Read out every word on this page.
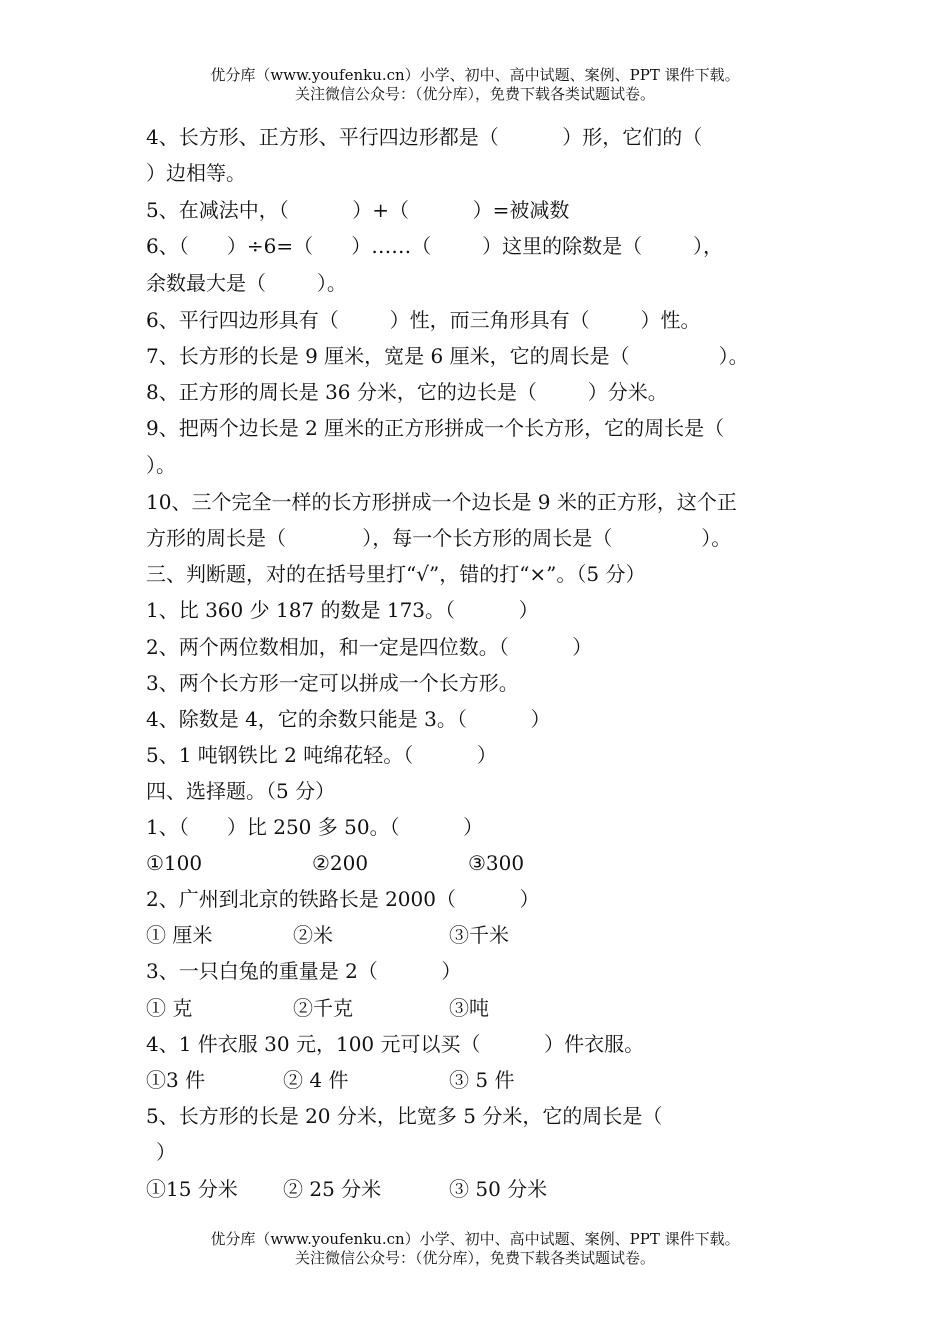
优分库（www.youfenku.cn）小学、初中、高中试题、案例、PPT 课件下载。
关注微信公众号：（优分库），免费下载各类试题试卷。
4、长方形、正方形、平行四边形都是（          ）形，它们的（
）边相等。
5、在减法中，（          ）+（          ）=被减数
6、（      ）÷6=（      ）……（        ）这里的除数是（        ），
余数最大是（        ）。
6、平行四边形具有（        ）性，而三角形具有（        ）性。
7、长方形的长是 9 厘米，宽是 6 厘米，它的周长是（              ）。
8、正方形的周长是 36 分米，它的边长是（        ）分米。
9、把两个边长是 2 厘米的正方形拼成一个长方形，它的周长是（
）。
10、三个完全一样的长方形拼成一个边长是 9 米的正方形，这个正
方形的周长是（            ），每一个长方形的周长是（              ）。
三、判断题，对的在括号里打“√”，错的打“×”。（5 分）
1、比 360 少 187 的数是 173。（          ）
2、两个两位数相加，和一定是四位数。（          ）
3、两个长方形一定可以拼成一个长方形。
4、除数是 4，它的余数只能是 3。（          ）
5、1 吨钢铁比 2 吨绵花轻。（          ）
四、选择题。（5 分）
1、（      ）比 250 多 50。（          ）
①100	②200	③300
2、广州到北京的铁路长是 2000（          ）
① 厘米	②米	③千米
3、一只白兔的重量是 2（          ）
① 克	②千克	③吨
4、1 件衣服 30 元，100 元可以买（          ）件衣服。
①3 件	② 4 件	③ 5 件
5、长方形的长是 20 分米，比宽多 5 分米，它的周长是（
）
①15 分米 ② 25 分米	③ 50 分米
优分库（www.youfenku.cn）小学、初中、高中试题、案例、PPT 课件下载。
关注微信公众号：（优分库），免费下载各类试题试卷。
